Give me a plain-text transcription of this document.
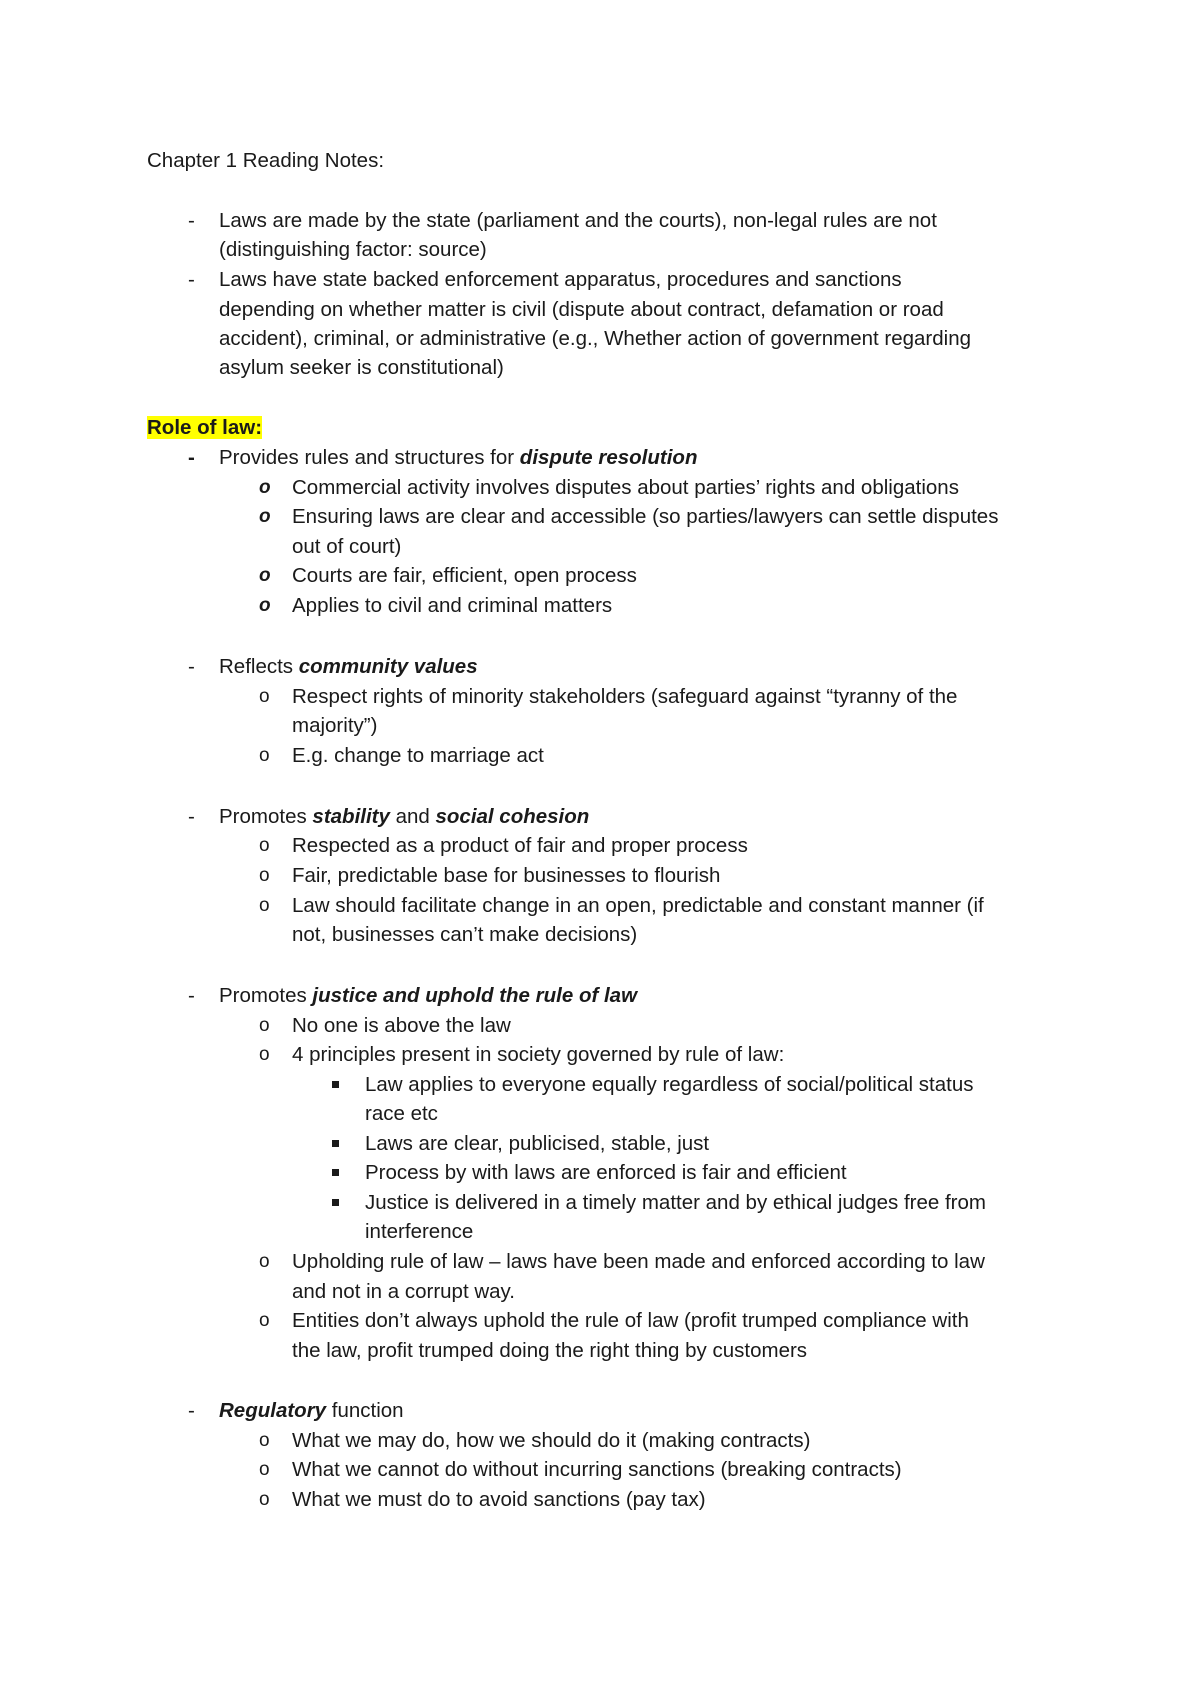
Chapter 1 Reading Notes:
- Laws are made by the state (parliament and the courts), non-legal rules are not
(distinguishing factor: source)
- Laws have state backed enforcement apparatus, procedures and sanctions
depending on whether matter is civil (dispute about contract, defamation or road
accident), criminal, or administrative (e.g., Whether action of government regarding
asylum seeker is constitutional)
Role of law:
- Provides rules and structures for dispute resolution
o Commercial activity involves disputes about parties’ rights and obligations
o Ensuring laws are clear and accessible (so parties/lawyers can settle disputes
out of court)
o Courts are fair, efficient, open process
o Applies to civil and criminal matters
- Reflects community values
o Respect rights of minority stakeholders (safeguard against “tyranny of the
majority”)
o E.g. change to marriage act
- Promotes stability and social cohesion
o Respected as a product of fair and proper process
o Fair, predictable base for businesses to flourish
o Law should facilitate change in an open, predictable and constant manner (if
not, businesses can’t make decisions)
- Promotes justice and uphold the rule of law
o No one is above the law
o 4 principles present in society governed by rule of law:
Law applies to everyone equally regardless of social/political status
race etc
Laws are clear, publicised, stable, just
Process by with laws are enforced is fair and efficient
Justice is delivered in a timely matter and by ethical judges free from
interference
o Upholding rule of law – laws have been made and enforced according to law
and not in a corrupt way.
o Entities don’t always uphold the rule of law (profit trumped compliance with
the law, profit trumped doing the right thing by customers
- Regulatory function
o What we may do, how we should do it (making contracts)
o What we cannot do without incurring sanctions (breaking contracts)
o What we must do to avoid sanctions (pay tax)
